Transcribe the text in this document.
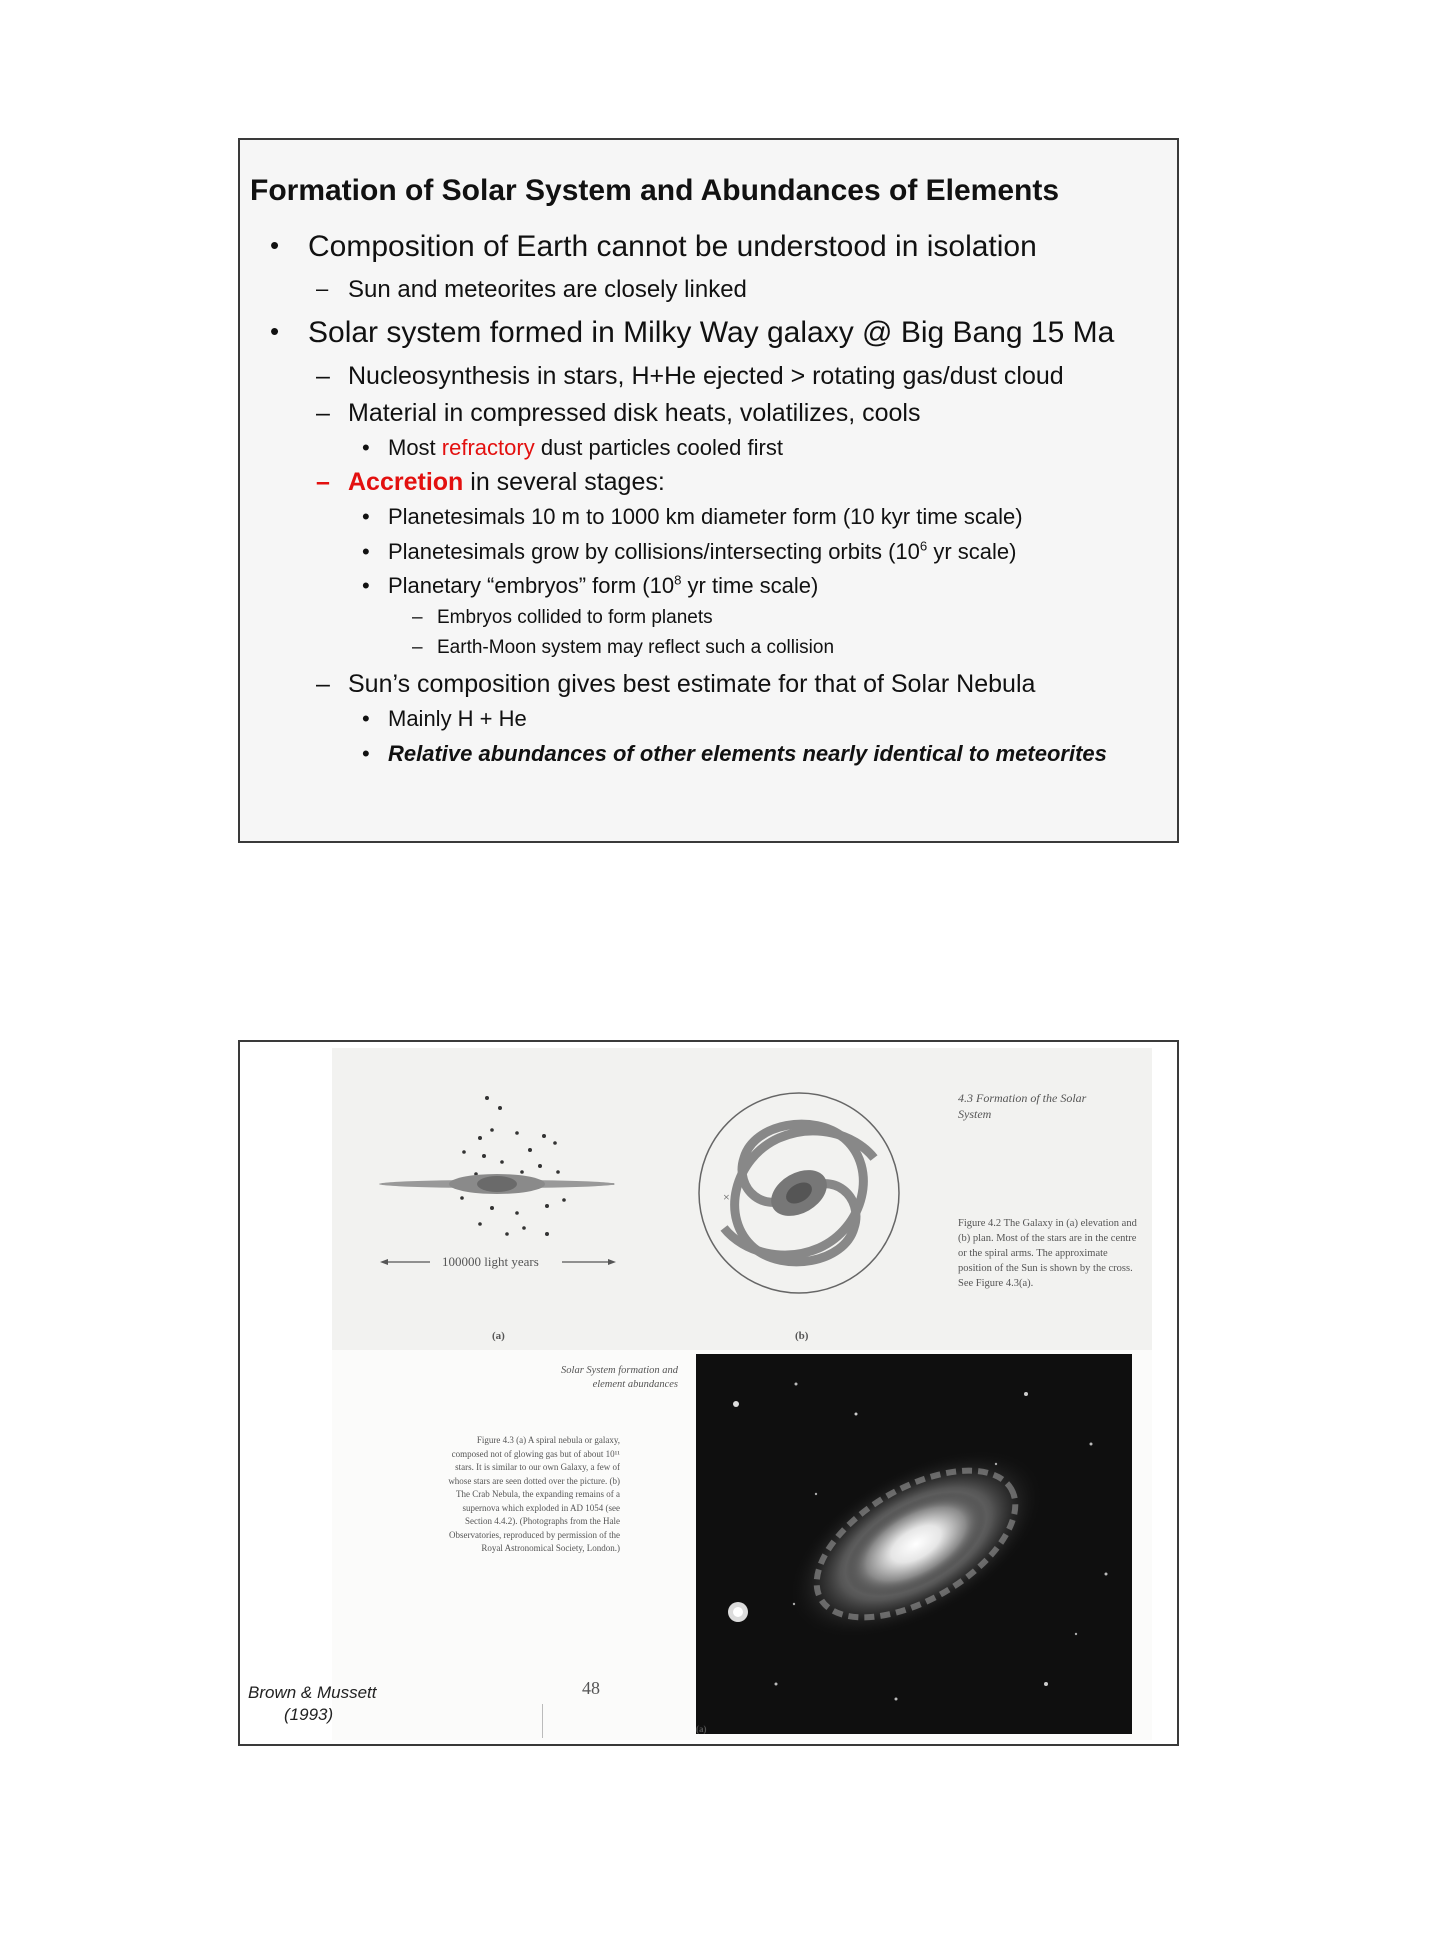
Formation of Solar System and Abundances of Elements
• Composition of Earth cannot be understood in isolation
– Sun and meteorites are closely linked
• Solar system formed in Milky Way galaxy @ Big Bang 15 Ma
– Nucleosynthesis in stars, H+He ejected > rotating gas/dust cloud
– Material in compressed disk heats, volatilizes, cools
• Most refractory dust particles cooled first
– Accretion in several stages:
• Planetesimals 10 m to 1000 km diameter form (10 kyr time scale)
• Planetesimals grow by collisions/intersecting orbits ($10^6$ yr scale)
• Planetary “embryos” form ($10^8$ yr time scale)
– Embryos collided to form planets
– Earth-Moon system may reflect such a collision
– Sun’s composition gives best estimate for that of Solar Nebula
• Mainly H + He
• Relative abundances of other elements nearly identical to meteorites
100000 light years
(a)
×
(b)
4.3 Formation of the Solar System
Figure 4.2 The Galaxy in (a) elevation and (b) plan. Most of the stars are in the centre or the spiral arms. The approximate position of the Sun is shown by the cross. See Figure 4.3(a).
Solar System formation and element abundances
Figure 4.3 (a) A spiral nebula or galaxy, composed not of glowing gas but of about 10¹¹ stars. It is similar to our own Galaxy, a few of whose stars are seen dotted over the picture. (b) The Crab Nebula, the expanding remains of a supernova which exploded in AD 1054 (see Section 4.4.2). (Photographs from the Hale Observatories, reproduced by permission of the Royal Astronomical Society, London.)
48
(a)
Brown & Mussett
(1993)
